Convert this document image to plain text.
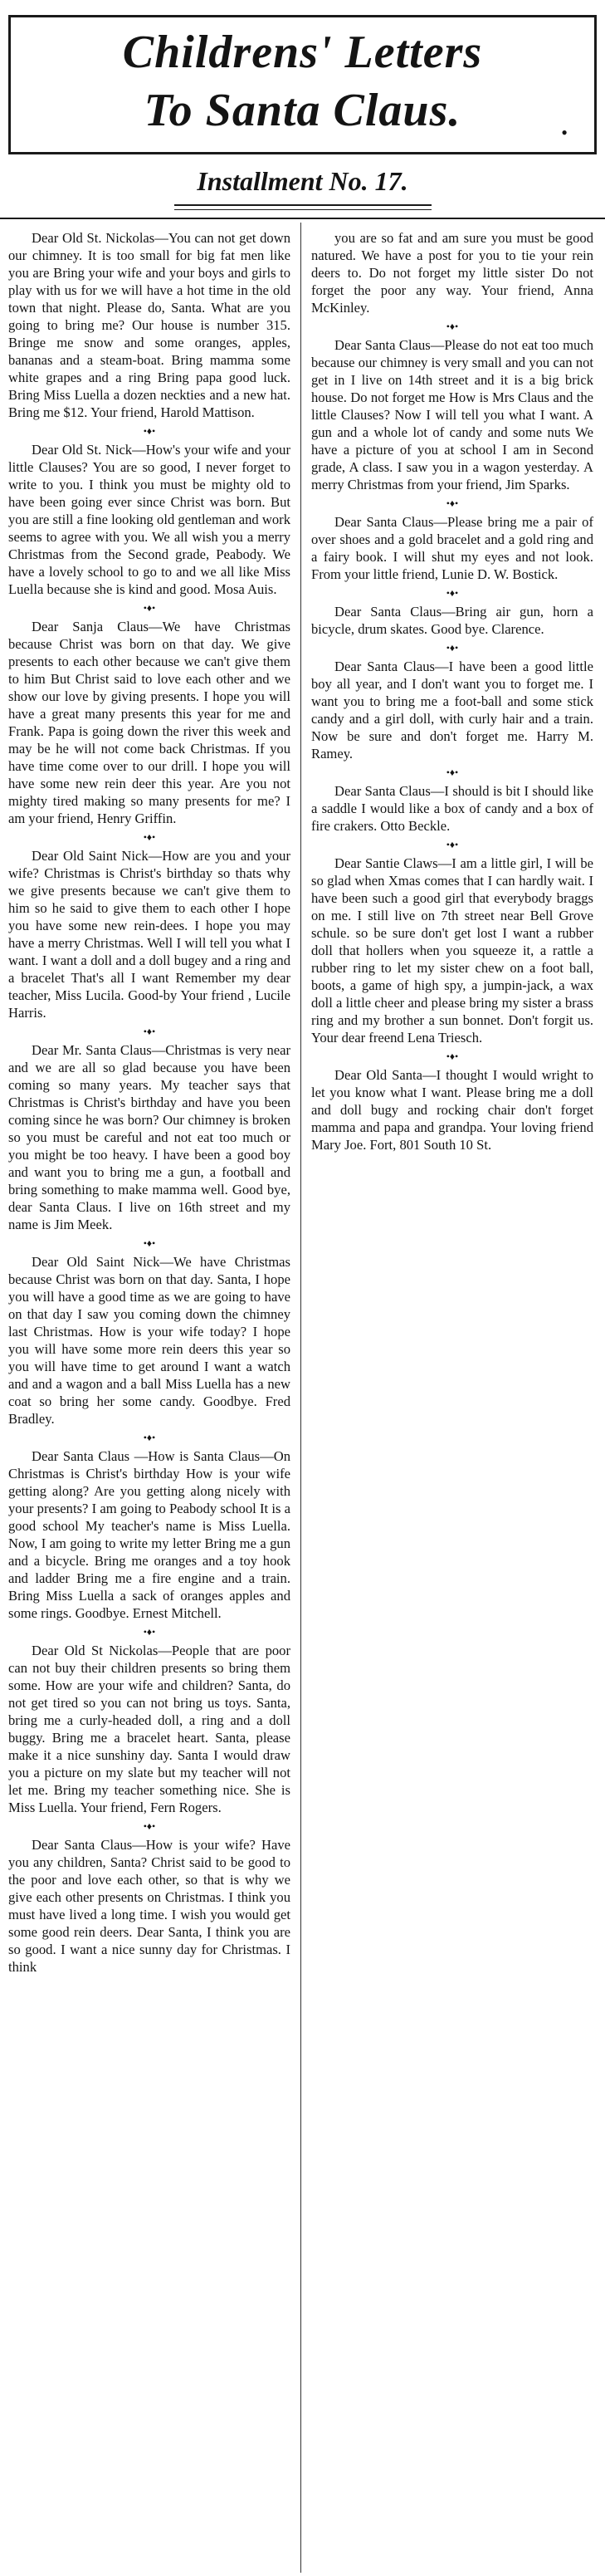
Childrens' Letters
To Santa Claus.	•
Installment No. 17.

Dear Old St. Nickolas—You can not get down our chimney. It is too small for big fat men like you are Bring your wife and your boys and girls to play with us for we will have a hot time in the old town that night. Please do, Santa. What are you going to bring me? Our house is number 315. Bringe me snow and some oranges, apples, bananas and a steam-boat. Bring mamma some white grapes and a ring Bring papa good luck. Bring Miss Luella a dozen neckties and a new hat. Bring me $12. Your friend, Harold Mattison.

•♦•

Dear Old St. Nick—How's your wife and your little Clauses? You are so good, I never forget to write to you. I think you must be mighty old to have been going ever since Christ was born. But you are still a fine looking old gentleman and work seems to agree with you. We all wish you a merry Christmas from the Second grade, Peabody. We have a lovely school to go to and we all like Miss Luella because she is kind and good. Mosa Auis.

•♦•

Dear Sanja Claus—We have Christmas because Christ was born on that day. We give presents to each other because we can't give them to him But Christ said to love each other and we show our love by giving presents. I hope you will have a great many presents this year for me and Frank. Papa is going down the river this week and may be he will not come back Christmas. If you have time come over to our drill. I hope you will have some new rein deer this year. Are you not mighty tired making so many presents for me? I am your friend, Henry Griffin.

•♦•

Dear Old Saint Nick—How are you and your wife? Christmas is Christ's birthday so thats why we give presents because we can't give them to him so he said to give them to each other I hope you have some new rein-dees. I hope you may have a merry Christmas. Well I will tell you what I want. I want a doll and a doll bugey and a ring and a bracelet That's all I want Remember my dear teacher, Miss Lucila. Good-by Your friend , Lucile Harris.

•♦•

Dear Mr. Santa Claus—Christmas is very near and we are all so glad because you have been coming so many years. My teacher says that Christmas is Christ's birthday and have you been coming since he was born? Our chimney is broken so you must be careful and not eat too much or you might be too heavy. I have been a good boy and want you to bring me a gun, a football and bring something to make mamma well. Good bye, dear Santa Claus. I live on 16th street and my name is Jim Meek.

•♦•

Dear Old Saint Nick—We have Christmas because Christ was born on that day. Santa, I hope you will have a good time as we are going to have on that day I saw you coming down the chimney last Christmas. How is your wife today? I hope you will have some more rein deers this year so you will have time to get around I want a watch and and a wagon and a ball Miss Luella has a new coat so bring her some candy. Goodbye. Fred Bradley.

•♦•

Dear Santa Claus —How is Santa Claus—On Christmas is Christ's birthday How is your wife getting along? Are you getting along nicely with your presents? I am going to Peabody school It is a good school My teacher's name is Miss Luella. Now, I am going to write my letter Bring me a gun and a bicycle. Bring me oranges and a toy hook and ladder Bring me a fire engine and a train. Bring Miss Luella a sack of oranges apples and some rings. Goodbye. Ernest Mitchell.

•♦•

Dear Old St Nickolas—People that are poor can not buy their children presents so bring them some. How are your wife and children? Santa, do not get tired so you can not bring us toys. Santa, bring me a curly-headed doll, a ring and a doll buggy. Bring me a bracelet heart. Santa, please make it a nice sunshiny day. Santa I would draw you a picture on my slate but my teacher will not let me. Bring my teacher something nice. She is Miss Luella. Your friend, Fern Rogers.

•♦•

Dear Santa Claus—How is your wife? Have you any children, Santa? Christ said to be good to the poor and love each other, so that is why we give each other presents on Christmas. I think you must have lived a long time. I wish you would get some good rein deers. Dear Santa, I think you are so good. I want a nice sunny day for Christmas. I think

you are so fat and am sure you must be good natured. We have a post for you to tie your rein deers to. Do not forget my little sister Do not forget the poor any way. Your friend, Anna McKinley.

•♦•

Dear Santa Claus—Please do not eat too much because our chimney is very small and you can not get in I live on 14th street and it is a big brick house. Do not forget me How is Mrs Claus and the little Clauses? Now I will tell you what I want. A gun and a whole lot of candy and some nuts We have a picture of you at school I am in Second grade, A class. I saw you in a wagon yesterday. A merry Christmas from your friend, Jim Sparks.

•♦•

Dear Santa Claus—Please bring me a pair of over shoes and a gold bracelet and a gold ring and a fairy book. I will shut my eyes and not look. From your little friend, Lunie D. W. Bostick.

•♦•

Dear Santa Claus—Bring air gun, horn a bicycle, drum skates. Good bye. Clarence.

•♦•

Dear Santa Claus—I have been a good little boy all year, and I don't want you to forget me. I want you to bring me a foot-ball and some stick candy and a girl doll, with curly hair and a train. Now be sure and don't forget me. Harry M. Ramey.

•♦•

Dear Santa Claus—I should is bit I should like a saddle I would like a box of candy and a box of fire crakers. Otto Beckle.

•♦•

Dear Santie Claws—I am a little girl, I will be so glad when Xmas comes that I can hardly wait. I have been such a good girl that everybody braggs on me. I still live on 7th street near Bell Grove schule. so be sure don't get lost I want a rubber doll that hollers when you squeeze it, a rattle a rubber ring to let my sister chew on a foot ball, boots, a game of high spy, a jumpin-jack, a wax doll a little cheer and please bring my sister a brass ring and my brother a sun bonnet. Don't forgit us. Your dear freend Lena Triesch.

•♦•

Dear Old Santa—I thought I would wright to let you know what I want. Please bring me a doll and doll bugy and rocking chair don't forget mamma and papa and grandpa. Your loving friend Mary Joe. Fort, 801 South 10 St.
